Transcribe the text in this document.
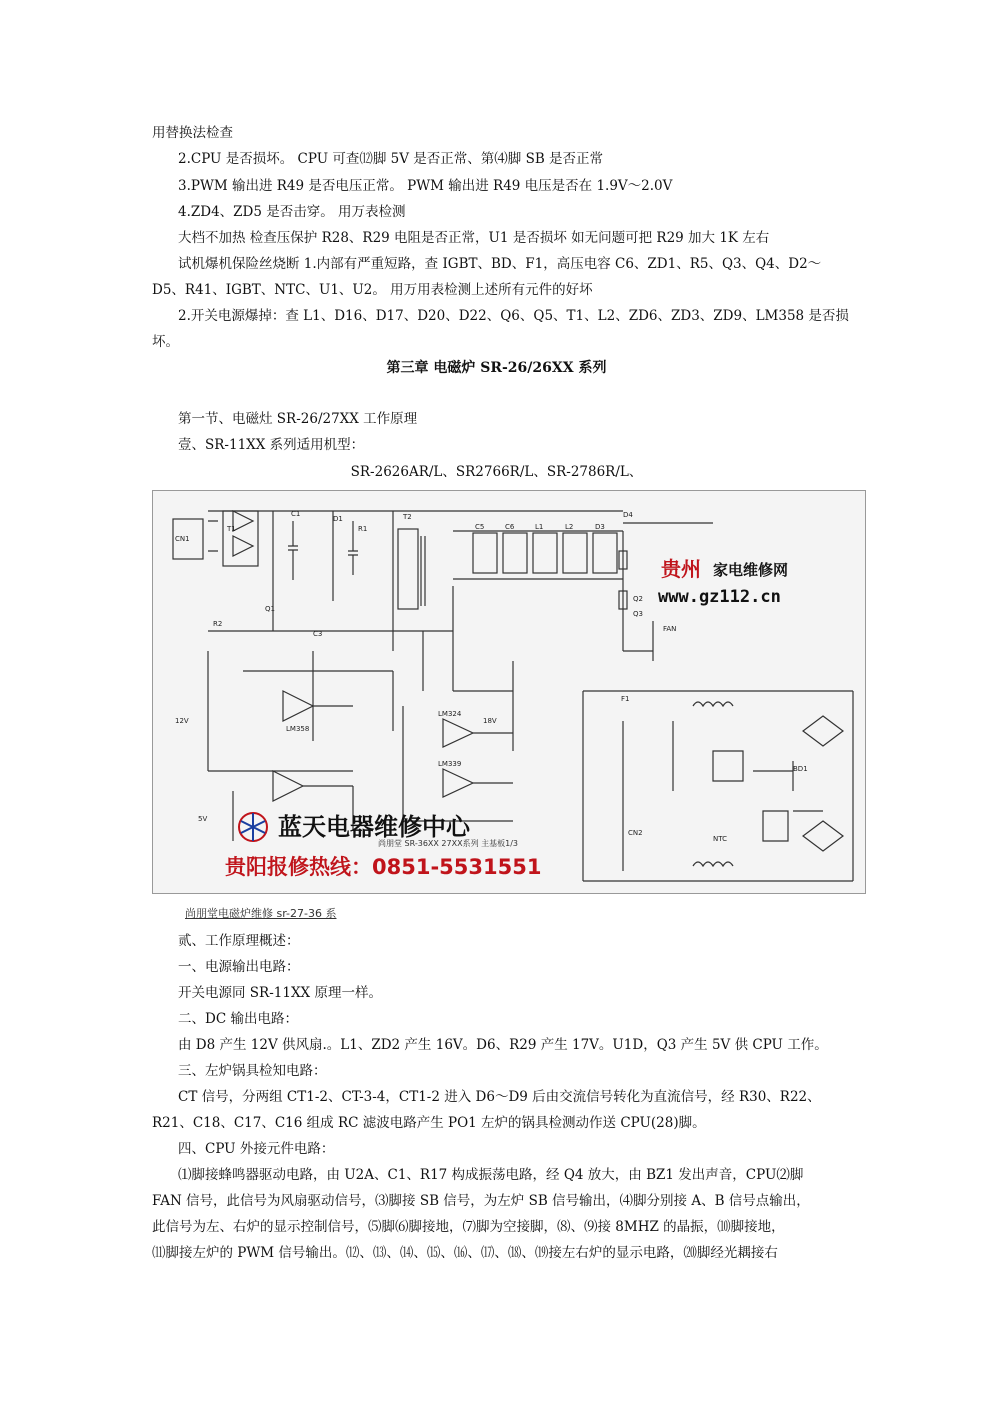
用替换法检查
2.CPU 是否损坏。 CPU 可查⑿脚 5V 是否正常、第⑷脚 SB 是否正常
3.PWM 输出进 R49 是否电压正常。 PWM 输出进 R49 电压是否在 1.9V～2.0V
4.ZD4、ZD5 是否击穿。 用万表检测
大档不加热 检查压保护 R28、R29 电阻是否正常，U1 是否损坏 如无问题可把 R29 加大 1K 左右
试机爆机保险丝烧断 1.内部有严重短路，查 IGBT、BD、F1，高压电容 C6、ZD1、R5、Q3、Q4、D2～
D5、R41、IGBT、NTC、U1、U2。 用万用表检测上述所有元件的好坏
2.开关电源爆掉：查 L1、D16、D17、D20、D22、Q6、Q5、T1、L2、ZD6、ZD3、ZD9、LM358 是否损
坏。
第三章 电磁炉 SR-26/26XX 系列
第一节、电磁灶 SR-26/27XX 工作原理
壹、SR-11XX 系列适用机型：
SR-2626AR/L、SR2766R/L、SR-2786R/L、
CN1
T1
C1
D1
R1
Q1
R2
C3
T2
C5	C6	L1	L2	D3
D4
LM358
LM324
LM339
12V
5V
FAN
18V
F1
CN2
NTC
BD1
Q2
Q3
贵州 家电维修网
www.gz112.cn
蓝天电器维修中心
尚朋堂 SR-36XX 27XX系列 主基板1/3
贵阳报修热线：0851-5531551
尚朋堂电磁炉维修 sr-27-36 系
贰、工作原理概述：
一、电源输出电路：
开关电源同 SR-11XX 原理一样。
二、DC 输出电路：
由 D8 产生 12V 供风扇.。L1、ZD2 产生 16V。D6、R29 产生 17V。U1D，Q3 产生 5V 供 CPU 工作。
三、左炉锅具检知电路：
CT 信号，分两组 CT1-2、CT-3-4，CT1-2 进入 D6～D9 后由交流信号转化为直流信号，经 R30、R22、
R21、C18、C17、C16 组成 RC 滤波电路产生 PO1 左炉的锅具检测动作送 CPU(28)脚。
四、CPU 外接元件电路：
⑴脚接蜂鸣器驱动电路，由 U2A、C1、R17 构成振荡电路，经 Q4 放大，由 BZ1 发出声音，CPU⑵脚
FAN 信号，此信号为风扇驱动信号，⑶脚接 SB 信号，为左炉 SB 信号输出，⑷脚分别接 A、B 信号点输出，
此信号为左、右炉的显示控制信号，⑸脚⑹脚接地，⑺脚为空接脚，⑻、⑼接 8MHZ 的晶振，⑽脚接地，
⑾脚接左炉的 PWM 信号输出。⑿、⒀、⒁、⒂、⒃、⒄、⒅、⒆接左右炉的显示电路，⒇脚经光耦接右
